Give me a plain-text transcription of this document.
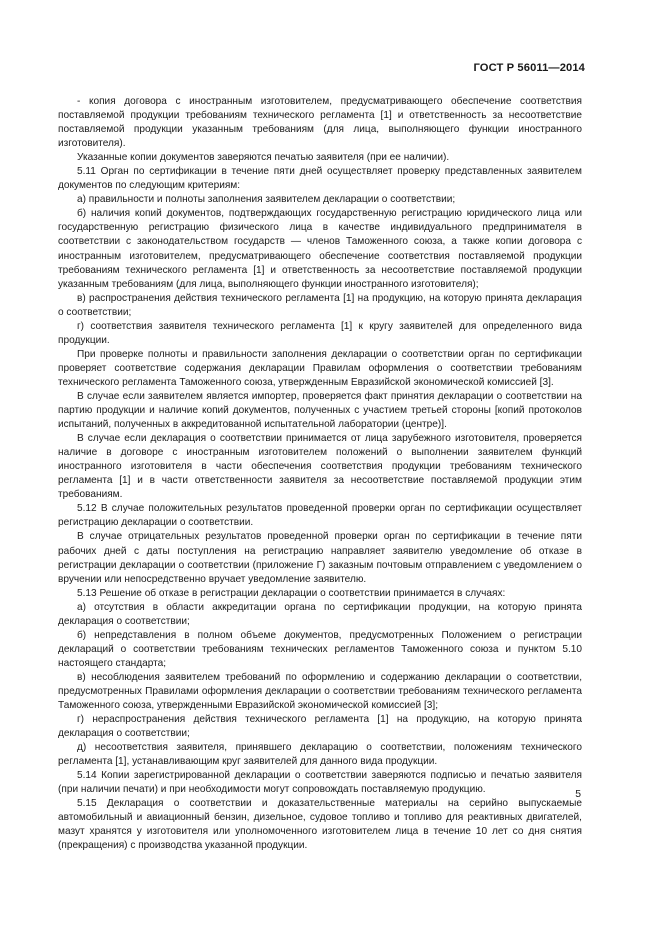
ГОСТ Р 56011—2014

- копия договора с иностранным изготовителем, предусматривающего обеспечение соответствия поставляемой продукции требованиям технического регламента [1] и ответственность за несоответствие поставляемой продукции указанным требованиям (для лица, выполняющего функции иностранного изготовителя).

Указанные копии документов заверяются печатью заявителя (при ее наличии).

5.11 Орган по сертификации в течение пяти дней осуществляет проверку представленных заявителем документов по следующим критериям:

а) правильности и полноты заполнения заявителем декларации о соответствии;

б) наличия копий документов, подтверждающих государственную регистрацию юридического лица или государственную регистрацию физического лица в качестве индивидуального предпринимателя в соответствии с законодательством государств — членов Таможенного союза, а также копии договора с иностранным изготовителем, предусматривающего обеспечение соответствия поставляемой продукции требованиям технического регламента [1] и ответственность за несоответствие поставляемой продукции указанным требованиям (для лица, выполняющего функции иностранного изготовителя);

в) распространения действия технического регламента [1] на продукцию, на которую принята декларация о соответствии;

г) соответствия заявителя технического регламента [1] к кругу заявителей для определенного вида продукции.

При проверке полноты и правильности заполнения декларации о соответствии орган по сертификации проверяет соответствие содержания декларации Правилам оформления о соответствии требованиям технического регламента Таможенного союза, утвержденным Евразийской экономической комиссией [3].

В случае если заявителем является импортер, проверяется факт принятия декларации о соответствии на партию продукции и наличие копий документов, полученных с участием третьей стороны [копий протоколов испытаний, полученных в аккредитованной испытательной лаборатории (центре)].

В случае если декларация о соответствии принимается от лица зарубежного изготовителя, проверяется наличие в договоре с иностранным изготовителем положений о выполнении заявителем функций иностранного изготовителя в части обеспечения соответствия продукции требованиям технического регламента [1] и в части ответственности заявителя за несоответствие поставляемой продукции этим требованиям.

5.12 В случае положительных результатов проведенной проверки орган по сертификации осуществляет регистрацию декларации о соответствии.

В случае отрицательных результатов проведенной проверки орган по сертификации в течение пяти рабочих дней с даты поступления на регистрацию направляет заявителю уведомление об отказе в регистрации декларации о соответствии (приложение Г) заказным почтовым отправлением с уведомлением о вручении или непосредственно вручает уведомление заявителю.

5.13 Решение об отказе в регистрации декларации о соответствии принимается в случаях:

а) отсутствия в области аккредитации органа по сертификации продукции, на которую принята декларация о соответствии;

б) непредставления в полном объеме документов, предусмотренных Положением о регистрации деклараций о соответствии требованиям технических регламентов Таможенного союза и пунктом 5.10 настоящего стандарта;

в) несоблюдения заявителем требований по оформлению и содержанию декларации о соответствии, предусмотренных Правилами оформления декларации о соответствии требованиям технического регламента Таможенного союза, утвержденными Евразийской экономической комиссией [3];

г) нераспространения действия технического регламента [1] на продукцию, на которую принята декларация о соответствии;

д) несоответствия заявителя, принявшего декларацию о соответствии, положениям технического регламента [1], устанавливающим круг заявителей для данного вида продукции.

5.14 Копии зарегистрированной декларации о соответствии заверяются подписью и печатью заявителя (при наличии печати) и при необходимости могут сопровождать поставляемую продукцию.

5.15 Декларация о соответствии и доказательственные материалы на серийно выпускаемые автомобильный и авиационный бензин, дизельное, судовое топливо и топливо для реактивных двигателей, мазут хранятся у изготовителя или уполномоченного изготовителем лица в течение 10 лет со дня снятия (прекращения) с производства указанной продукции.

5
